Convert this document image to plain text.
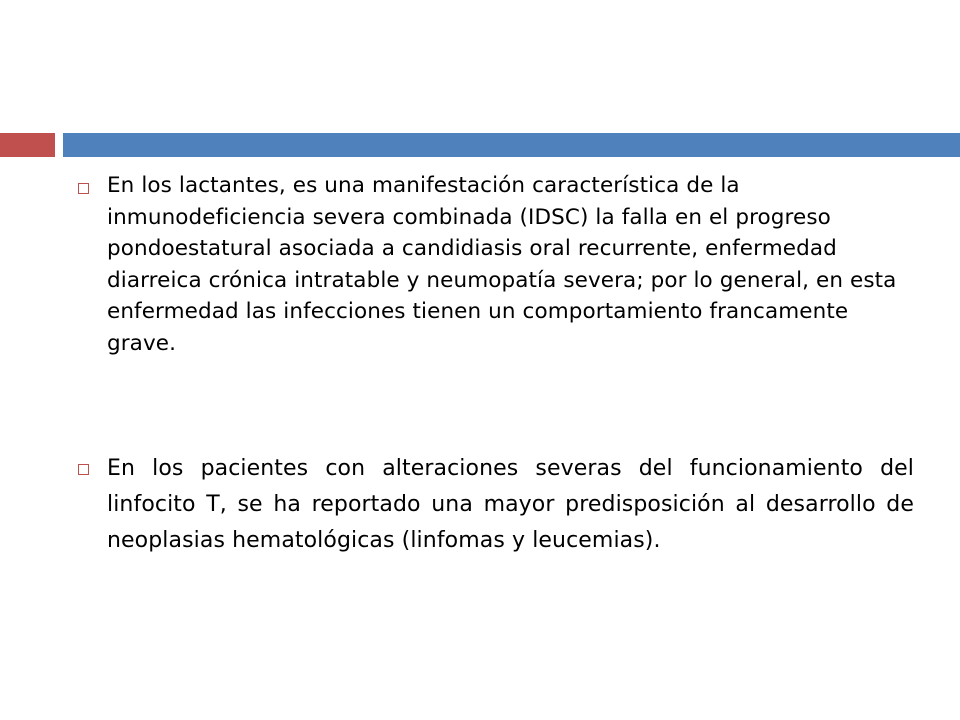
En los lactantes, es una manifestación característica de la inmunodeficiencia severa combinada (IDSC) la falla en el progreso pondoestatural asociada a candidiasis oral recurrente, enfermedad diarreica crónica intratable y neumopatía severa; por lo general, en esta enfermedad las infecciones tienen un comportamiento francamente grave.
En los pacientes con alteraciones severas del funcionamiento del linfocito T, se ha reportado una mayor predisposición al desarrollo de neoplasias hematológicas (linfomas y leucemias).
